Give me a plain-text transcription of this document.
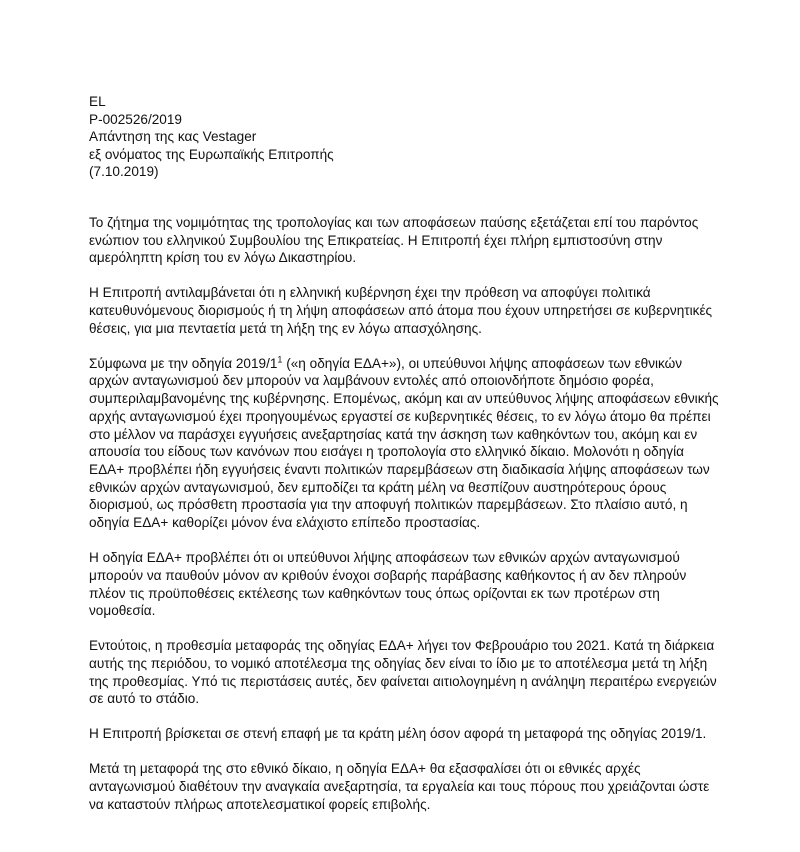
EL
P-002526/2019
Απάντηση της κας Vestager
εξ ονόματος της Ευρωπαϊκής Επιτροπής
(7.10.2019)
Το ζήτημα της νομιμότητας της τροπολογίας και των αποφάσεων παύσης εξετάζεται επί του παρόντος ενώπιον του ελληνικού Συμβουλίου της Επικρατείας. Η Επιτροπή έχει πλήρη εμπιστοσύνη στην αμερόληπτη κρίση του εν λόγω Δικαστηρίου.
Η Επιτροπή αντιλαμβάνεται ότι η ελληνική κυβέρνηση έχει την πρόθεση να αποφύγει πολιτικά κατευθυνόμενους διορισμούς ή τη λήψη αποφάσεων από άτομα που έχουν υπηρετήσει σε κυβερνητικές θέσεις, για μια πενταετία μετά τη λήξη της εν λόγω απασχόλησης.
Σύμφωνα με την οδηγία 2019/1$^1$ («η οδηγία ΕΔΑ+»), οι υπεύθυνοι λήψης αποφάσεων των εθνικών αρχών ανταγωνισμού δεν μπορούν να λαμβάνουν εντολές από οποιονδήποτε δημόσιο φορέα, συμπεριλαμβανομένης της κυβέρνησης. Επομένως, ακόμη και αν υπεύθυνος λήψης αποφάσεων εθνικής αρχής ανταγωνισμού έχει προηγουμένως εργαστεί σε κυβερνητικές θέσεις, το εν λόγω άτομο θα πρέπει στο μέλλον να παράσχει εγγυήσεις ανεξαρτησίας κατά την άσκηση των καθηκόντων του, ακόμη και εν απουσία του είδους των κανόνων που εισάγει η τροπολογία στο ελληνικό δίκαιο. Μολονότι η οδηγία ΕΔΑ+ προβλέπει ήδη εγγυήσεις έναντι πολιτικών παρεμβάσεων στη διαδικασία λήψης αποφάσεων των εθνικών αρχών ανταγωνισμού, δεν εμποδίζει τα κράτη μέλη να θεσπίζουν αυστηρότερους όρους διορισμού, ως πρόσθετη προστασία για την αποφυγή πολιτικών παρεμβάσεων. Στο πλαίσιο αυτό, η οδηγία ΕΔΑ+ καθορίζει μόνον ένα ελάχιστο επίπεδο προστασίας.
Η οδηγία ΕΔΑ+ προβλέπει ότι οι υπεύθυνοι λήψης αποφάσεων των εθνικών αρχών ανταγωνισμού μπορούν να παυθούν μόνον αν κριθούν ένοχοι σοβαρής παράβασης καθήκοντος ή αν δεν πληρούν πλέον τις προϋποθέσεις εκτέλεσης των καθηκόντων τους όπως ορίζονται εκ των προτέρων στη νομοθεσία.
Εντούτοις, η προθεσμία μεταφοράς της οδηγίας ΕΔΑ+ λήγει τον Φεβρουάριο του 2021. Κατά τη διάρκεια αυτής της περιόδου, το νομικό αποτέλεσμα της οδηγίας δεν είναι το ίδιο με το αποτέλεσμα μετά τη λήξη της προθεσμίας. Υπό τις περιστάσεις αυτές, δεν φαίνεται αιτιολογημένη η ανάληψη περαιτέρω ενεργειών σε αυτό το στάδιο.
Η Επιτροπή βρίσκεται σε στενή επαφή με τα κράτη μέλη όσον αφορά τη μεταφορά της οδηγίας 2019/1.
Μετά τη μεταφορά της στο εθνικό δίκαιο, η οδηγία ΕΔΑ+ θα εξασφαλίσει ότι οι εθνικές αρχές ανταγωνισμού διαθέτουν την αναγκαία ανεξαρτησία, τα εργαλεία και τους πόρους που χρειάζονται ώστε να καταστούν πλήρως αποτελεσματικοί φορείς επιβολής.
